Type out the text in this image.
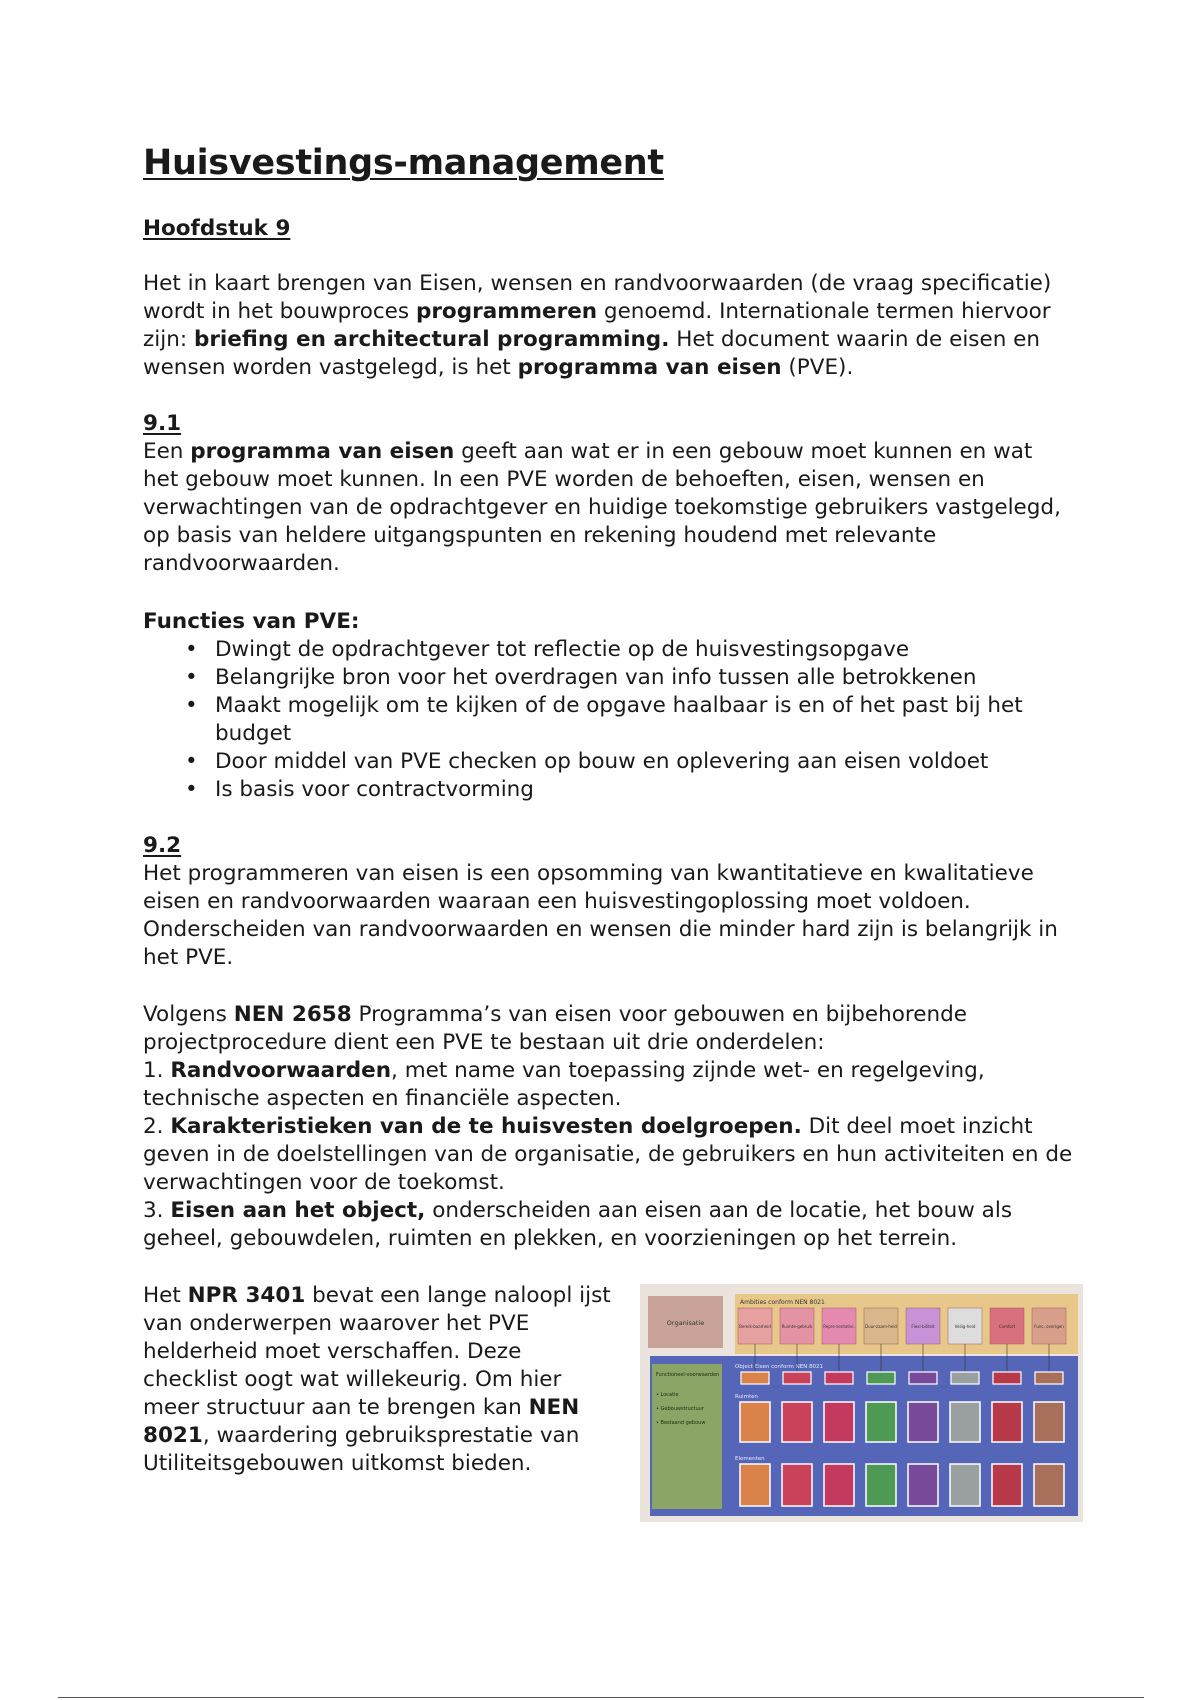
Huisvestings-management

Hoofdstuk 9

Het in kaart brengen van Eisen, wensen en randvoorwaarden (de vraag specificatie) wordt in het bouwproces programmeren genoemd. Internationale termen hiervoor zijn: briefing en architectural programming. Het document waarin de eisen en wensen worden vastgelegd, is het programma van eisen (PVE).

9.1

Een programma van eisen geeft aan wat er in een gebouw moet kunnen en wat het gebouw moet kunnen. In een PVE worden de behoeften, eisen, wensen en verwachtingen van de opdrachtgever en huidige toekomstige gebruikers vastgelegd, op basis van heldere uitgangspunten en rekening houdend met relevante randvoorwaarden.

Functies van PVE:

• Dwingt de opdrachtgever tot reflectie op de huisvestingsopgave
• Belangrijke bron voor het overdragen van info tussen alle betrokkenen
• Maakt mogelijk om te kijken of de opgave haalbaar is en of het past bij het budget
• Door middel van PVE checken op bouw en oplevering aan eisen voldoet
• Is basis voor contractvorming

9.2

Het programmeren van eisen is een opsomming van kwantitatieve en kwalitatieve eisen en randvoorwaarden waaraan een huisvestingoplossing moet voldoen. Onderscheiden van randvoorwaarden en wensen die minder hard zijn is belangrijk in het PVE.

Volgens NEN 2658 Programma’s van eisen voor gebouwen en bijbehorende projectprocedure dient een PVE te bestaan uit drie onderdelen:

1. Randvoorwaarden, met name van toepassing zijnde wet- en regelgeving, technische aspecten en financiële aspecten.

2. Karakteristieken van de te huisvesten doelgroepen. Dit deel moet inzicht geven in de doelstellingen van de organisatie, de gebruikers en hun activiteiten en de verwachtingen voor de toekomst.

3. Eisen aan het object, onderscheiden aan eisen aan de locatie, het bouw als geheel, gebouwdelen, ruimten en plekken, en voorzieningen op het terrein.

Het NPR 3401 bevat een lange naloopl ijst van onderwerpen waarover het PVE helderheid moet verschaffen. Deze checklist oogt wat willekeurig. Om hier meer structuur aan te brengen kan NEN 8021, waardering gebruiksprestatie van Utiliteitsgebouwen uitkomst bieden.

Ambities conform NEN 8021
Organisatie	Bereik-baarheid	Ruimte-gebruik	Repre-sentativi.	Duur-zaam-heid	Flexi-biliteit	Veilig-heid	Comfort	Func. overigen
Functioneel-voorwaarden
• Locatie
• Gebouwstructuur
• Bestaand gebouw
Object Eisen conform NEN 8021
Ruimten
Elementen
